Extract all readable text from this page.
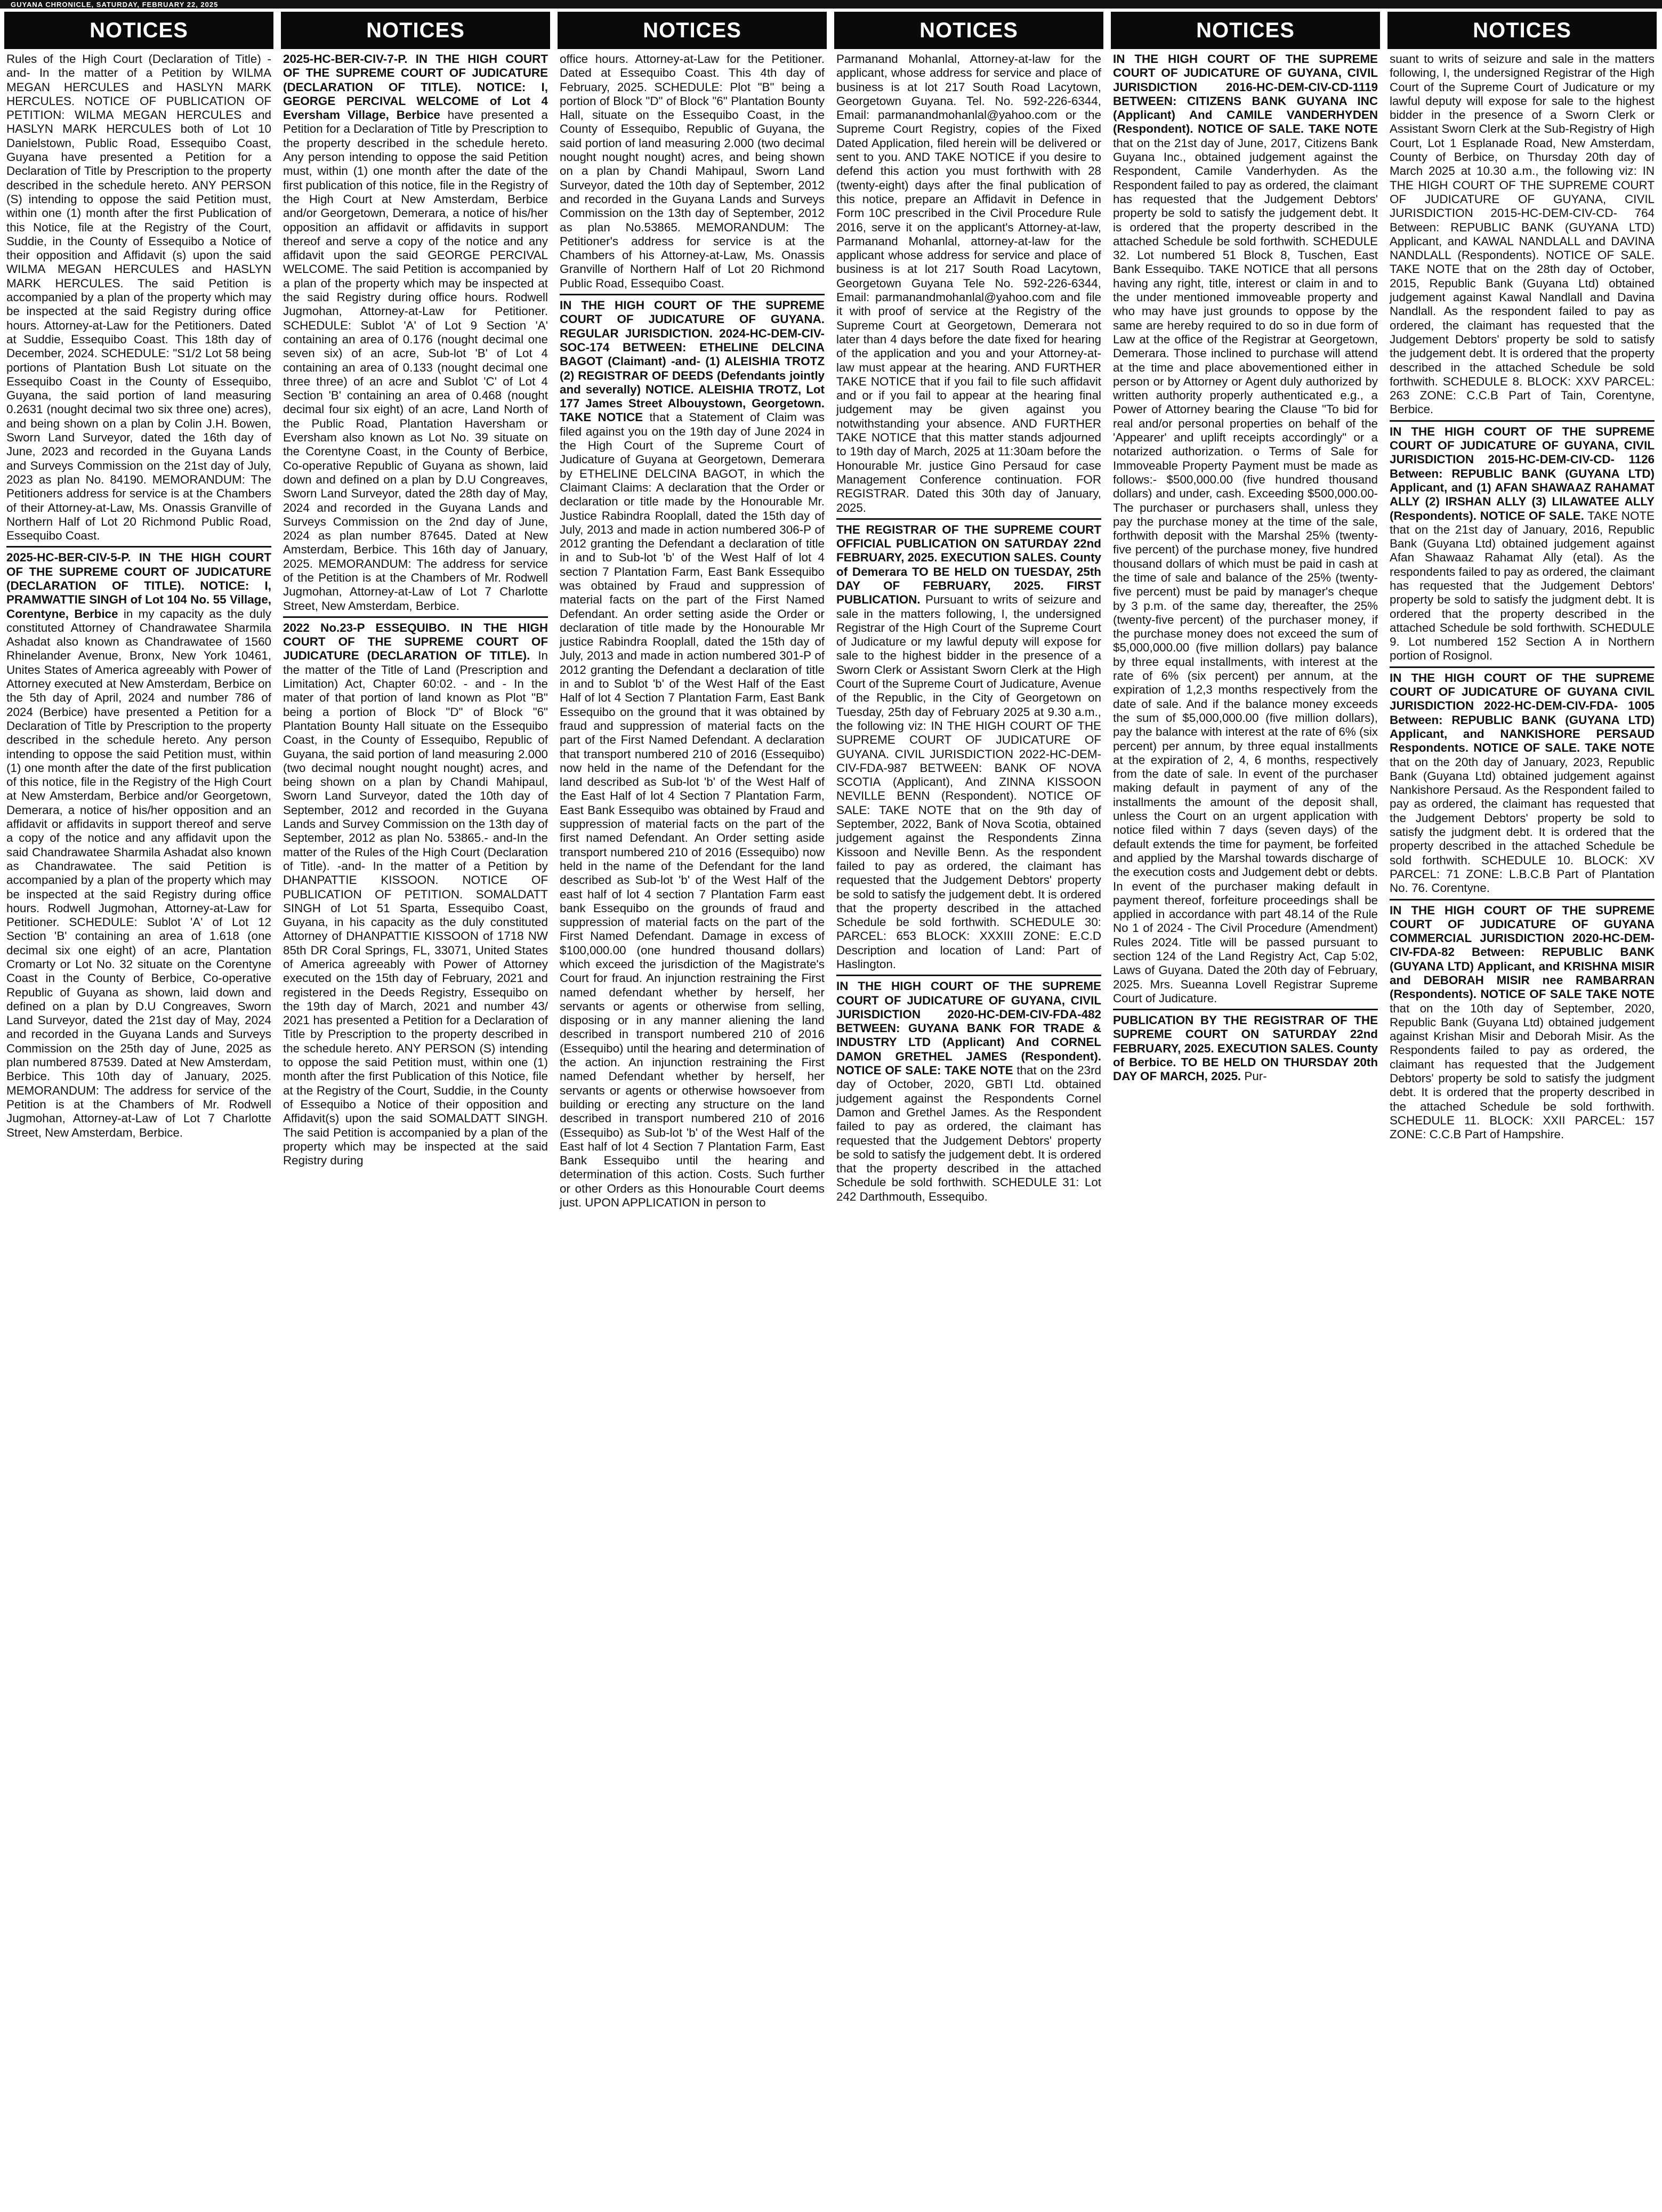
GUYANA CHRONICLE, SATURDAY, FEBRUARY 22, 2025
NOTICES

Rules of the High Court (Declaration of Title) -and- In the matter of a Petition by WILMA MEGAN HERCULES and HASLYN MARK HERCULES. NOTICE OF PUBLICATION OF PETITION: WILMA MEGAN HERCULES and HASLYN MARK HERCULES both of Lot 10 Danielstown, Public Road, Essequibo Coast, Guyana have presented a Petition for a Declaration of Title by Prescription to the property described in the schedule hereto. ANY PERSON (S) intending to oppose the said Petition must, within one (1) month after the first Publication of this Notice, file at the Registry of the Court, Suddie, in the County of Essequibo a Notice of their opposition and Affidavit (s) upon the said WILMA MEGAN HERCULES and HASLYN MARK HERCULES. The said Petition is accompanied by a plan of the property which may be inspected at the said Registry during office hours. Attorney-at-Law for the Petitioners. Dated at Suddie, Essequibo Coast. This 18th day of December, 2024. SCHEDULE: "S1/2 Lot 58 being portions of Plantation Bush Lot situate on the Essequibo Coast in the County of Essequibo, Guyana, the said portion of land measuring 0.2631 (nought decimal two six three one) acres), and being shown on a plan by Colin J.H. Bowen, Sworn Land Surveyor, dated the 16th day of June, 2023 and recorded in the Guyana Lands and Surveys Commission on the 21st day of July, 2023 as plan No. 84190. MEMORANDUM: The Petitioners address for service is at the Chambers of their Attorney-at-Law, Ms. Onassis Granville of Northern Half of Lot 20 Richmond Public Road, Essequibo Coast.

2025-HC-BER-CIV-5-P. IN THE HIGH COURT OF THE SUPREME COURT OF JUDICATURE (DECLARATION OF TITLE). NOTICE: I, PRAMWATTIE SINGH of Lot 104 No. 55 Village, Corentyne, Berbice in my capacity as the duly constituted Attorney of Chandrawatee Sharmila Ashadat also known as Chandrawatee of 1560 Rhinelander Avenue, Bronx, New York 10461, Unites States of America agreeably with Power of Attorney executed at New Amsterdam, Berbice on the 5th day of April, 2024 and number 786 of 2024 (Berbice) have presented a Petition for a Declaration of Title by Prescription to the property described in the schedule hereto. Any person intending to oppose the said Petition must, within (1) one month after the date of the first publication of this notice, file in the Registry of the High Court at New Amsterdam, Berbice and/or Georgetown, Demerara, a notice of his/her opposition and an affidavit or affidavits in support thereof and serve a copy of the notice and any affidavit upon the said Chandrawatee Sharmila Ashadat also known as Chandrawatee. The said Petition is accompanied by a plan of the property which may be inspected at the said Registry during office hours. Rodwell Jugmohan, Attorney-at-Law for Petitioner. SCHEDULE: Sublot 'A' of Lot 12 Section 'B' containing an area of 1.618 (one decimal six one eight) of an acre, Plantation Cromarty or Lot No. 32 situate on the Corentyne Coast in the County of Berbice, Co-operative Republic of Guyana as shown, laid down and defined on a plan by D.U Congreaves, Sworn Land Surveyor, dated the 21st day of May, 2024 and recorded in the Guyana Lands and Surveys Commission on the 25th day of June, 2025 as plan numbered 87539. Dated at New Amsterdam, Berbice. This 10th day of January, 2025. MEMORANDUM: The address for service of the Petition is at the Chambers of Mr. Rodwell Jugmohan, Attorney-at-Law of Lot 7 Charlotte Street, New Amsterdam, Berbice.

NOTICES

2025-HC-BER-CIV-7-P. IN THE HIGH COURT OF THE SUPREME COURT OF JUDICATURE (DECLARATION OF TITLE). NOTICE: I, GEORGE PERCIVAL WELCOME of Lot 4 Eversham Village, Berbice have presented a Petition for a Declaration of Title by Prescription to the property described in the schedule hereto. Any person intending to oppose the said Petition must, within (1) one month after the date of the first publication of this notice, file in the Registry of the High Court at New Amsterdam, Berbice and/or Georgetown, Demerara, a notice of his/her opposition an affidavit or affidavits in support thereof and serve a copy of the notice and any affidavit upon the said GEORGE PERCIVAL WELCOME. The said Petition is accompanied by a plan of the property which may be inspected at the said Registry during office hours. Rodwell Jugmohan, Attorney-at-Law for Petitioner. SCHEDULE: Sublot 'A' of Lot 9 Section 'A' containing an area of 0.176 (nought decimal one seven six) of an acre, Sub-lot 'B' of Lot 4 containing an area of 0.133 (nought decimal one three three) of an acre and Sublot 'C' of Lot 4 Section 'B' containing an area of 0.468 (nought decimal four six eight) of an acre, Land North of the Public Road, Plantation Haversham or Eversham also known as Lot No. 39 situate on the Corentyne Coast, in the County of Berbice, Co-operative Republic of Guyana as shown, laid down and defined on a plan by D.U Congreaves, Sworn Land Surveyor, dated the 28th day of May, 2024 and recorded in the Guyana Lands and Surveys Commission on the 2nd day of June, 2024 as plan number 87645. Dated at New Amsterdam, Berbice. This 16th day of January, 2025. MEMORANDUM: The address for service of the Petition is at the Chambers of Mr. Rodwell Jugmohan, Attorney-at-Law of Lot 7 Charlotte Street, New Amsterdam, Berbice.

2022 No.23-P ESSEQUIBO. IN THE HIGH COURT OF THE SUPREME COURT OF JUDICATURE (DECLARATION OF TITLE). In the matter of the Title of Land (Prescription and Limitation) Act, Chapter 60:02. - and - In the mater of that portion of land known as Plot "B" being a portion of Block "D" of Block "6" Plantation Bounty Hall situate on the Essequibo Coast, in the County of Essequibo, Republic of Guyana, the said portion of land measuring 2.000 (two decimal nought nought nought) acres, and being shown on a plan by Chandi Mahipaul, Sworn Land Surveyor, dated the 10th day of September, 2012 and recorded in the Guyana Lands and Survey Commission on the 13th day of September, 2012 as plan No. 53865.- and-In the matter of the Rules of the High Court (Declaration of Title). -and- In the matter of a Petition by DHANPATTIE KISSOON. NOTICE OF PUBLICATION OF PETITION. SOMALDATT SINGH of Lot 51 Sparta, Essequibo Coast, Guyana, in his capacity as the duly constituted Attorney of DHANPATTIE KISSOON of 1718 NW 85th DR Coral Springs, FL, 33071, United States of America agreeably with Power of Attorney executed on the 15th day of February, 2021 and registered in the Deeds Registry, Essequibo on the 19th day of March, 2021 and number 43/ 2021 has presented a Petition for a Declaration of Title by Prescription to the property described in the schedule hereto. ANY PERSON (S) intending to oppose the said Petition must, within one (1) month after the first Publication of this Notice, file at the Registry of the Court, Suddie, in the County of Essequibo a Notice of their opposition and Affidavit(s) upon the said SOMALDATT SINGH. The said Petition is accompanied by a plan of the property which may be inspected at the said Registry during

NOTICES

office hours. Attorney-at-Law for the Petitioner. Dated at Essequibo Coast. This 4th day of February, 2025. SCHEDULE: Plot "B" being a portion of Block "D" of Block "6" Plantation Bounty Hall, situate on the Essequibo Coast, in the County of Essequibo, Republic of Guyana, the said portion of land measuring 2.000 (two decimal nought nought nought) acres, and being shown on a plan by Chandi Mahipaul, Sworn Land Surveyor, dated the 10th day of September, 2012 and recorded in the Guyana Lands and Surveys Commission on the 13th day of September, 2012 as plan No.53865. MEMORANDUM: The Petitioner's address for service is at the Chambers of his Attorney-at-Law, Ms. Onassis Granville of Northern Half of Lot 20 Richmond Public Road, Essequibo Coast.

IN THE HIGH COURT OF THE SUPREME COURT OF JUDICATURE OF GUYANA. REGULAR JURISDICTION. 2024-HC-DEM-CIV-SOC-174 BETWEEN: ETHELINE DELCINA BAGOT (Claimant) -and- (1) ALEISHIA TROTZ (2) REGISTRAR OF DEEDS (Defendants jointly and severally) NOTICE. ALEISHIA TROTZ, Lot 177 James Street Albouystown, Georgetown. TAKE NOTICE that a Statement of Claim was filed against you on the 19th day of June 2024 in the High Court of the Supreme Court of Judicature of Guyana at Georgetown, Demerara by ETHELINE DELCINA BAGOT, in which the Claimant Claims: A declaration that the Order or declaration or title made by the Honourable Mr. Justice Rabindra Rooplall, dated the 15th day of July, 2013 and made in action numbered 306-P of 2012 granting the Defendant a declaration of title in and to Sub-lot 'b' of the West Half of lot 4 section 7 Plantation Farm, East Bank Essequibo was obtained by Fraud and suppression of material facts on the part of the First Named Defendant. An order setting aside the Order or declaration of title made by the Honourable Mr justice Rabindra Rooplall, dated the 15th day of July, 2013 and made in action numbered 301-P of 2012 granting the Defendant a declaration of title in and to Sublot 'b' of the West Half of the East Half of lot 4 Section 7 Plantation Farm, East Bank Essequibo on the ground that it was obtained by fraud and suppression of material facts on the part of the First Named Defendant. A declaration that transport numbered 210 of 2016 (Essequibo) now held in the name of the Defendant for the land described as Sub-lot 'b' of the West Half of the East Half of lot 4 Section 7 Plantation Farm, East Bank Essequibo was obtained by Fraud and suppression of material facts on the part of the first named Defendant. An Order setting aside transport numbered 210 of 2016 (Essequibo) now held in the name of the Defendant for the land described as Sub-lot 'b' of the West Half of the east half of lot 4 section 7 Plantation Farm east bank Essequibo on the grounds of fraud and suppression of material facts on the part of the First Named Defendant. Damage in excess of $100,000.00 (one hundred thousand dollars) which exceed the jurisdiction of the Magistrate's Court for fraud. An injunction restraining the First named defendant whether by herself, her servants or agents or otherwise from selling, disposing or in any manner aliening the land described in transport numbered 210 of 2016 (Essequibo) until the hearing and determination of the action. An injunction restraining the First named Defendant whether by herself, her servants or agents or otherwise howsoever from building or erecting any structure on the land described in transport numbered 210 of 2016 (Essequibo) as Sub-lot 'b' of the West Half of the East half of lot 4 Section 7 Plantation Farm, East Bank Essequibo until the hearing and determination of this action. Costs. Such further or other Orders as this Honourable Court deems just. UPON APPLICATION in person to

NOTICES

Parmanand Mohanlal, Attorney-at-law for the applicant, whose address for service and place of business is at lot 217 South Road Lacytown, Georgetown Guyana. Tel. No. 592-226-6344, Email: parmanandmohanlal@yahoo.com or the Supreme Court Registry, copies of the Fixed Dated Application, filed herein will be delivered or sent to you. AND TAKE NOTICE if you desire to defend this action you must forthwith with 28 (twenty-eight) days after the final publication of this notice, prepare an Affidavit in Defence in Form 10C prescribed in the Civil Procedure Rule 2016, serve it on the applicant's Attorney-at-law, Parmanand Mohanlal, attorney-at-law for the applicant whose address for service and place of business is at lot 217 South Road Lacytown, Georgetown Guyana Tele No. 592-226-6344, Email: parmanandmohanlal@yahoo.com and file it with proof of service at the Registry of the Supreme Court at Georgetown, Demerara not later than 4 days before the date fixed for hearing of the application and you and your Attorney-at-law must appear at the hearing. AND FURTHER TAKE NOTICE that if you fail to file such affidavit and or if you fail to appear at the hearing final judgement may be given against you notwithstanding your absence. AND FURTHER TAKE NOTICE that this matter stands adjourned to 19th day of March, 2025 at 11:30am before the Honourable Mr. justice Gino Persaud for case Management Conference continuation. FOR REGISTRAR. Dated this 30th day of January, 2025.

THE REGISTRAR OF THE SUPREME COURT OFFICIAL PUBLICATION ON SATURDAY 22nd FEBRUARY, 2025. EXECUTION SALES. County of Demerara TO BE HELD ON TUESDAY, 25th DAY OF FEBRUARY, 2025. FIRST PUBLICATION. Pursuant to writs of seizure and sale in the matters following, I, the undersigned Registrar of the High Court of the Supreme Court of Judicature or my lawful deputy will expose for sale to the highest bidder in the presence of a Sworn Clerk or Assistant Sworn Clerk at the High Court of the Supreme Court of Judicature, Avenue of the Republic, in the City of Georgetown on Tuesday, 25th day of February 2025 at 9.30 a.m., the following viz: IN THE HIGH COURT OF THE SUPREME COURT OF JUDICATURE OF GUYANA. CIVIL JURISDICTION 2022-HC-DEM-CIV-FDA-987 BETWEEN: BANK OF NOVA SCOTIA (Applicant), And ZINNA KISSOON NEVILLE BENN (Respondent). NOTICE OF SALE: TAKE NOTE that on the 9th day of September, 2022, Bank of Nova Scotia, obtained judgement against the Respondents Zinna Kissoon and Neville Benn. As the respondent failed to pay as ordered, the claimant has requested that the Judgement Debtors' property be sold to satisfy the judgement debt. It is ordered that the property described in the attached Schedule be sold forthwith. SCHEDULE 30: PARCEL: 653 BLOCK: XXXIII ZONE: E.C.D Description and location of Land: Part of Haslington.

IN THE HIGH COURT OF THE SUPREME COURT OF JUDICATURE OF GUYANA, CIVIL JURISDICTION 2020-HC-DEM-CIV-FDA-482 BETWEEN: GUYANA BANK FOR TRADE & INDUSTRY LTD (Applicant) And CORNEL DAMON GRETHEL JAMES (Respondent). NOTICE OF SALE: TAKE NOTE that on the 23rd day of October, 2020, GBTI Ltd. obtained judgement against the Respondents Cornel Damon and Grethel James. As the Respondent failed to pay as ordered, the claimant has requested that the Judgement Debtors' property be sold to satisfy the judgement debt. It is ordered that the property described in the attached Schedule be sold forthwith. SCHEDULE 31: Lot 242 Darthmouth, Essequibo.

NOTICES

IN THE HIGH COURT OF THE SUPREME COURT OF JUDICATURE OF GUYANA, CIVIL JURISDICTION 2016-HC-DEM-CIV-CD-1119 BETWEEN: CITIZENS BANK GUYANA INC (Applicant) And CAMILE VANDERHYDEN (Respondent). NOTICE OF SALE. TAKE NOTE that on the 21st day of June, 2017, Citizens Bank Guyana Inc., obtained judgement against the Respondent, Camile Vanderhyden. As the Respondent failed to pay as ordered, the claimant has requested that the Judgement Debtors' property be sold to satisfy the judgement debt. It is ordered that the property described in the attached Schedule be sold forthwith. SCHEDULE 32. Lot numbered 51 Block 8, Tuschen, East Bank Essequibo. TAKE NOTICE that all persons having any right, title, interest or claim in and to the under mentioned immoveable property and who may have just grounds to oppose by the same are hereby required to do so in due form of Law at the office of the Registrar at Georgetown, Demerara. Those inclined to purchase will attend at the time and place abovementioned either in person or by Attorney or Agent duly authorized by written authority properly authenticated e.g., a Power of Attorney bearing the Clause "To bid for real and/or personal properties on behalf of the 'Appearer' and uplift receipts accordingly" or a notarized authorization. o Terms of Sale for Immoveable Property Payment must be made as follows:- $500,000.00 (five hundred thousand dollars) and under, cash. Exceeding $500,000.00- The purchaser or purchasers shall, unless they pay the purchase money at the time of the sale, forthwith deposit with the Marshal 25% (twenty-five percent) of the purchase money, five hundred thousand dollars of which must be paid in cash at the time of sale and balance of the 25% (twenty-five percent) must be paid by manager's cheque by 3 p.m. of the same day, thereafter, the 25% (twenty-five percent) of the purchaser money, if the purchase money does not exceed the sum of $5,000,000.00 (five million dollars) pay balance by three equal installments, with interest at the rate of 6% (six percent) per annum, at the expiration of 1,2,3 months respectively from the date of sale. And if the balance money exceeds the sum of $5,000,000.00 (five million dollars), pay the balance with interest at the rate of 6% (six percent) per annum, by three equal installments at the expiration of 2, 4, 6 months, respectively from the date of sale. In event of the purchaser making default in payment of any of the installments the amount of the deposit shall, unless the Court on an urgent application with notice filed within 7 days (seven days) of the default extends the time for payment, be forfeited and applied by the Marshal towards discharge of the execution costs and Judgement debt or debts. In event of the purchaser making default in payment thereof, forfeiture proceedings shall be applied in accordance with part 48.14 of the Rule No 1 of 2024 - The Civil Procedure (Amendment) Rules 2024. Title will be passed pursuant to section 124 of the Land Registry Act, Cap 5:02, Laws of Guyana. Dated the 20th day of February, 2025. Mrs. Sueanna Lovell Registrar Supreme Court of Judicature.

PUBLICATION BY THE REGISTRAR OF THE SUPREME COURT ON SATURDAY 22nd FEBRUARY, 2025. EXECUTION SALES. County of Berbice. TO BE HELD ON THURSDAY 20th DAY OF MARCH, 2025. Pur-

NOTICES

suant to writs of seizure and sale in the matters following, I, the undersigned Registrar of the High Court of the Supreme Court of Judicature or my lawful deputy will expose for sale to the highest bidder in the presence of a Sworn Clerk or Assistant Sworn Clerk at the Sub-Registry of High Court, Lot 1 Esplanade Road, New Amsterdam, County of Berbice, on Thursday 20th day of March 2025 at 10.30 a.m., the following viz: IN THE HIGH COURT OF THE SUPREME COURT OF JUDICATURE OF GUYANA, CIVIL JURISDICTION 2015-HC-DEM-CIV-CD- 764 Between: REPUBLIC BANK (GUYANA LTD) Applicant, and KAWAL NANDLALL and DAVINA NANDLALL (Respondents). NOTICE OF SALE. TAKE NOTE that on the 28th day of October, 2015, Republic Bank (Guyana Ltd) obtained judgement against Kawal Nandlall and Davina Nandlall. As the respondent failed to pay as ordered, the claimant has requested that the Judgement Debtors' property be sold to satisfy the judgement debt. It is ordered that the property described in the attached Schedule be sold forthwith. SCHEDULE 8. BLOCK: XXV PARCEL: 263 ZONE: C.C.B Part of Tain, Corentyne, Berbice.

IN THE HIGH COURT OF THE SUPREME COURT OF JUDICATURE OF GUYANA, CIVIL JURISDICTION 2015-HC-DEM-CIV-CD- 1126 Between: REPUBLIC BANK (GUYANA LTD) Applicant, and (1) AFAN SHAWAAZ RAHAMAT ALLY (2) IRSHAN ALLY (3) LILAWATEE ALLY (Respondents). NOTICE OF SALE. TAKE NOTE that on the 21st day of January, 2016, Republic Bank (Guyana Ltd) obtained judgement against Afan Shawaaz Rahamat Ally (etal). As the respondents failed to pay as ordered, the claimant has requested that the Judgement Debtors' property be sold to satisfy the judgment debt. It is ordered that the property described in the attached Schedule be sold forthwith. SCHEDULE 9. Lot numbered 152 Section A in Northern portion of Rosignol.

IN THE HIGH COURT OF THE SUPREME COURT OF JUDICATURE OF GUYANA CIVIL JURISDICTION 2022-HC-DEM-CIV-FDA- 1005 Between: REPUBLIC BANK (GUYANA LTD) Applicant, and NANKISHORE PERSAUD Respondents. NOTICE OF SALE. TAKE NOTE that on the 20th day of January, 2023, Republic Bank (Guyana Ltd) obtained judgement against Nankishore Persaud. As the Respondent failed to pay as ordered, the claimant has requested that the Judgement Debtors' property be sold to satisfy the judgment debt. It is ordered that the property described in the attached Schedule be sold forthwith. SCHEDULE 10. BLOCK: XV PARCEL: 71 ZONE: L.B.C.B Part of Plantation No. 76. Corentyne.

IN THE HIGH COURT OF THE SUPREME COURT OF JUDICATURE OF GUYANA COMMERCIAL JURISDICTION 2020-HC-DEM-CIV-FDA-82 Between: REPUBLIC BANK (GUYANA LTD) Applicant, and KRISHNA MISIR and DEBORAH MISIR nee RAMBARRAN (Respondents). NOTICE OF SALE TAKE NOTE that on the 10th day of September, 2020, Republic Bank (Guyana Ltd) obtained judgement against Krishan Misir and Deborah Misir. As the Respondents failed to pay as ordered, the claimant has requested that the Judgement Debtors' property be sold to satisfy the judgment debt. It is ordered that the property described in the attached Schedule be sold forthwith. SCHEDULE 11. BLOCK: XXII PARCEL: 157 ZONE: C.C.B Part of Hampshire.
